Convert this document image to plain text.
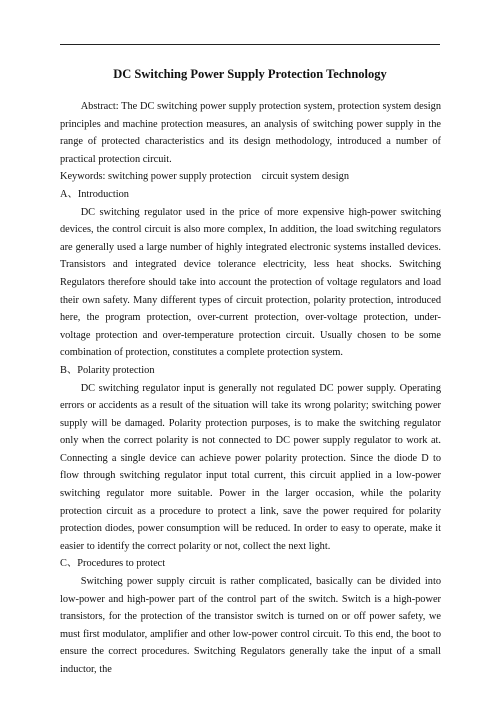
DC Switching Power Supply Protection Technology

Abstract: The DC switching power supply protection system, protection system design principles and machine protection measures, an analysis of switching power supply in the range of protected characteristics and its design methodology, introduced a number of practical protection circuit.

Keywords: switching power supply protection    circuit system design

A、Introduction

DC switching regulator used in the price of more expensive high-power switching devices, the control circuit is also more complex, In addition, the load switching regulators are generally used a large number of highly integrated electronic systems installed devices. Transistors and integrated device tolerance electricity, less heat shocks. Switching Regulators therefore should take into account the protection of voltage regulators and load their own safety. Many different types of circuit protection, polarity protection, introduced here, the program protection, over-current protection, over-voltage protection, under-voltage protection and over-temperature protection circuit. Usually chosen to be some combination of protection, constitutes a complete protection system.

B、Polarity protection

DC switching regulator input is generally not regulated DC power supply. Operating errors or accidents as a result of the situation will take its wrong polarity; switching power supply will be damaged. Polarity protection purposes, is to make the switching regulator only when the correct polarity is not connected to DC power supply regulator to work at. Connecting a single device can achieve power polarity protection. Since the diode D to flow through switching regulator input total current, this circuit applied in a low-power switching regulator more suitable. Power in the larger occasion, while the polarity protection circuit as a procedure to protect a link, save the power required for polarity protection diodes, power consumption will be reduced. In order to easy to operate, make it easier to identify the correct polarity or not, collect the next light.

C、Procedures to protect

Switching power supply circuit is rather complicated, basically can be divided into low-power and high-power part of the control part of the switch. Switch is a high-power transistors, for the protection of the transistor switch is turned on or off power safety, we must first modulator, amplifier and other low-power control circuit. To this end, the boot to ensure the correct procedures. Switching Regulators generally take the input of a small inductor, the
